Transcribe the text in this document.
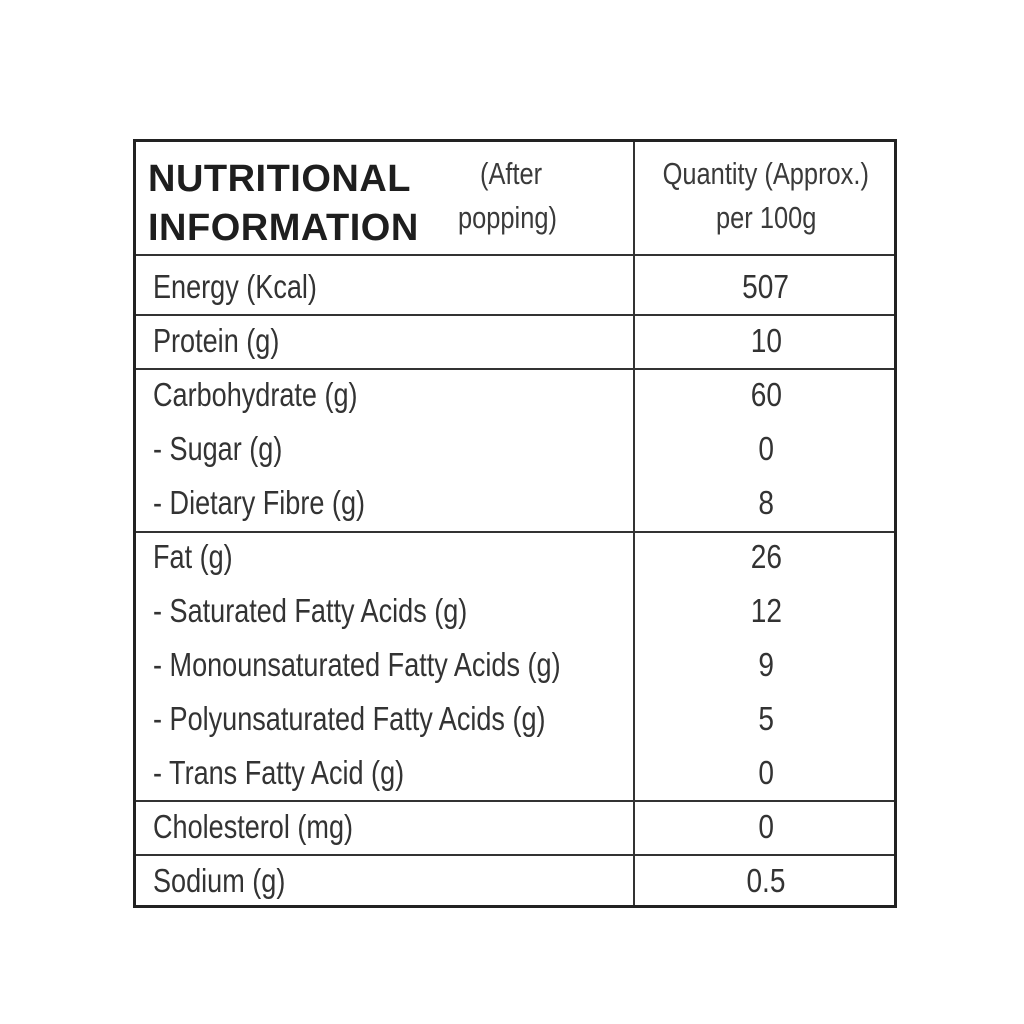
NUTRITIONAL
INFORMATION
(After
popping)
Quantity (Approx.)
per 100g
Energy (Kcal)	507
Protein (g)	10
Carbohydrate (g)	60
- Sugar (g)	0
- Dietary Fibre (g)	8
Fat (g)	26
- Saturated Fatty Acids (g)	12
- Monounsaturated Fatty Acids (g)	9
- Polyunsaturated Fatty Acids (g)	5
- Trans Fatty Acid (g)	0
Cholesterol (mg)	0
Sodium (g)	0.5
